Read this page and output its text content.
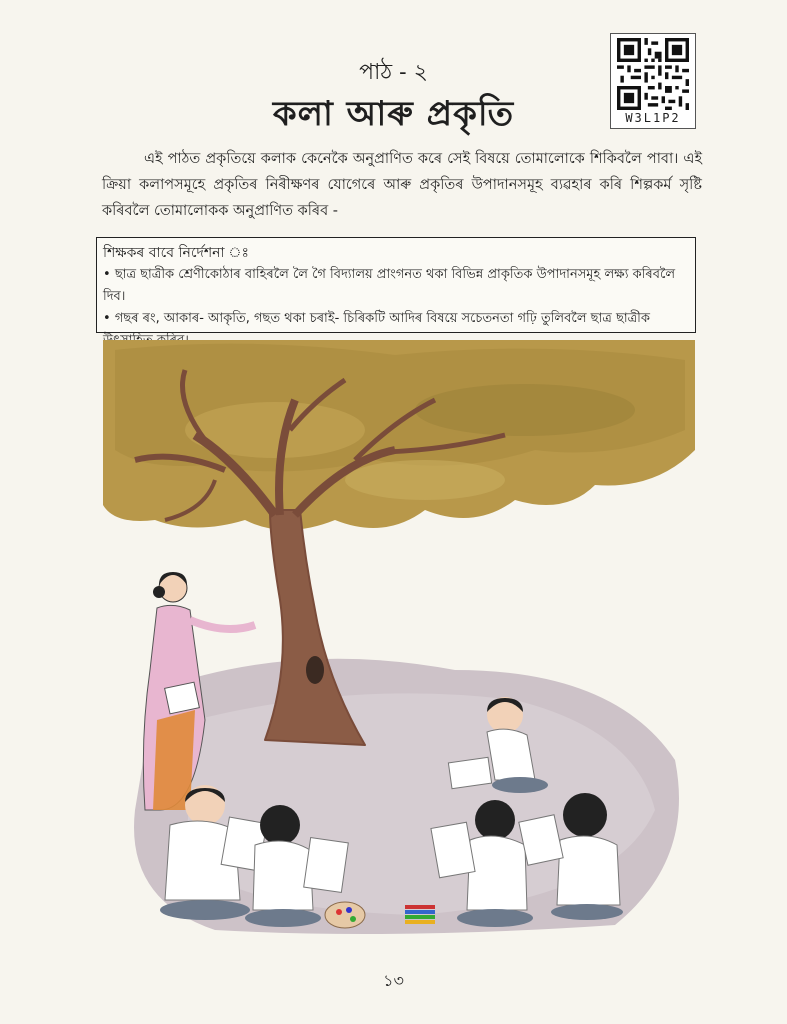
পাঠ - ২
কলা আৰু প্ৰকৃতি	W3L1P2
এই পাঠত প্ৰকৃতিয়ে কলাক কেনেকৈ অনুপ্ৰাণিত কৰে সেই বিষয়ে তোমালোকে শিকিবলৈ পাবা। এই ক্ৰিয়া কলাপসমূহে প্ৰকৃতিৰ নিৰীক্ষণৰ যোগেৰে আৰু প্ৰকৃতিৰ উপাদানসমূহ ব্যৱহাৰ কৰি শিল্পকৰ্ম সৃষ্টি কৰিবলৈ তোমালোকক অনুপ্ৰাণিত কৰিব -
শিক্ষকৰ বাবে নিৰ্দেশনা ঃ
• ছাত্ৰ ছাত্ৰীক শ্ৰেণীকোঠাৰ বাহিৰলৈ লৈ গৈ বিদ্যালয় প্ৰাংগনত থকা বিভিন্ন প্ৰাকৃতিক উপাদানসমূহ লক্ষ্য কৰিবলৈ দিব।
• গছৰ ৰং, আকাৰ- আকৃতি, গছত থকা চৰাই- চিৰিকটি আদিৰ বিষয়ে সচেতনতা গঢ়ি তুলিবলৈ ছাত্ৰ ছাত্ৰীক
১৩
